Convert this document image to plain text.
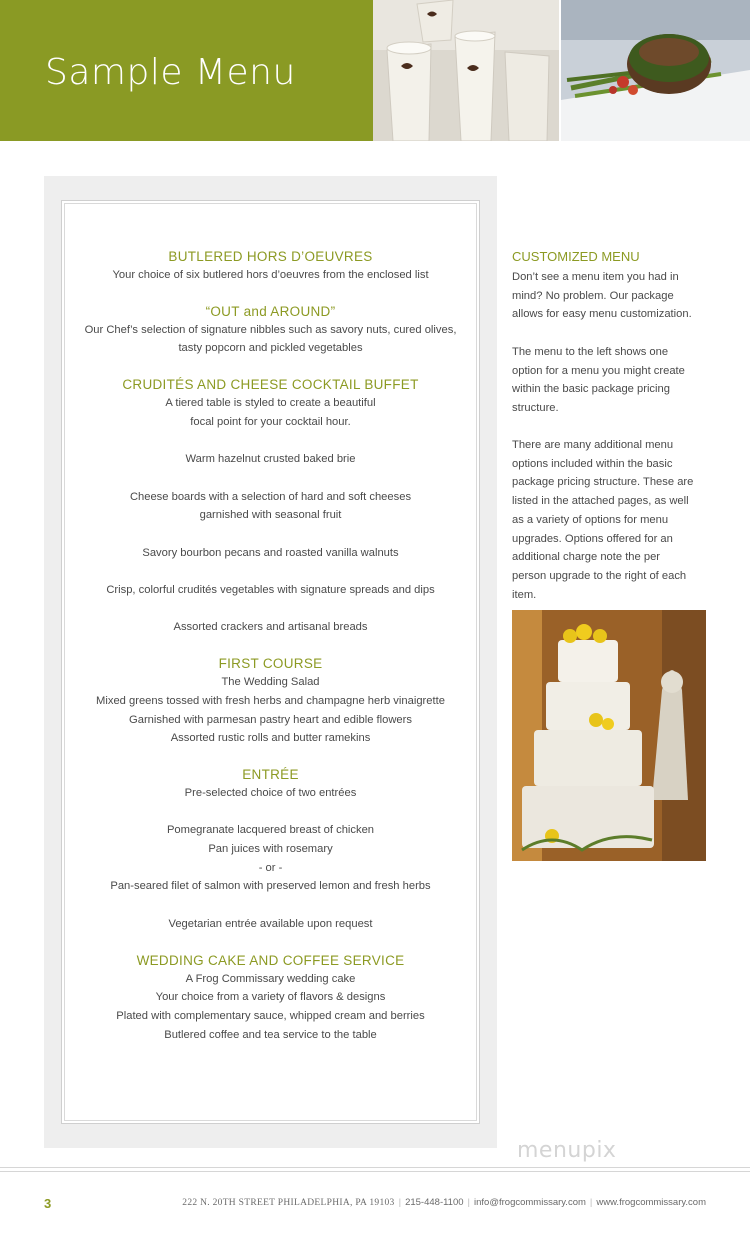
Sample Menu
BUTLERED HORS D’OEUVRES
Your choice of six butlered hors d’oeuvres from the enclosed list
“OUT and AROUND”
Our Chef’s selection of signature nibbles such as savory nuts, cured olives,
tasty popcorn and pickled vegetables
CRUDITÉS AND CHEESE COCKTAIL BUFFET
A tiered table is styled to create a beautiful
focal point for your cocktail hour.
Warm hazelnut crusted baked brie
Cheese boards with a selection of hard and soft cheeses
garnished with seasonal fruit
Savory bourbon pecans and roasted vanilla walnuts
Crisp, colorful crudités vegetables with signature spreads and dips
Assorted crackers and artisanal breads
FIRST COURSE
The Wedding Salad
Mixed greens tossed with fresh herbs and champagne herb vinaigrette
Garnished with parmesan pastry heart and edible flowers
Assorted rustic rolls and butter ramekins
ENTRÉE
Pre-selected choice of two entrées
Pomegranate lacquered breast of chicken
Pan juices with rosemary
- or -
Pan-seared filet of salmon with preserved lemon and fresh herbs
Vegetarian entrée available upon request
WEDDING CAKE AND COFFEE SERVICE
A Frog Commissary wedding cake
Your choice from a variety of flavors & designs
Plated with complementary sauce, whipped cream and berries
Butlered coffee and tea service to the table
CUSTOMIZED MENU
Don’t see a menu item you had in mind? No problem. Our package allows for easy menu customization.
The menu to the left shows one option for a menu you might create within the basic package pricing structure.
There are many additional menu options included within the basic package pricing structure. These are listed in the attached pages, as well as a variety of options for menu upgrades. Options offered for an additional charge note the per person upgrade to the right of each item.
menupix
3	222 N. 20TH STREET PHILADELPHIA, PA 19103 | 215-448-1100 | info@frogcommissary.com | www.frogcommissary.com
